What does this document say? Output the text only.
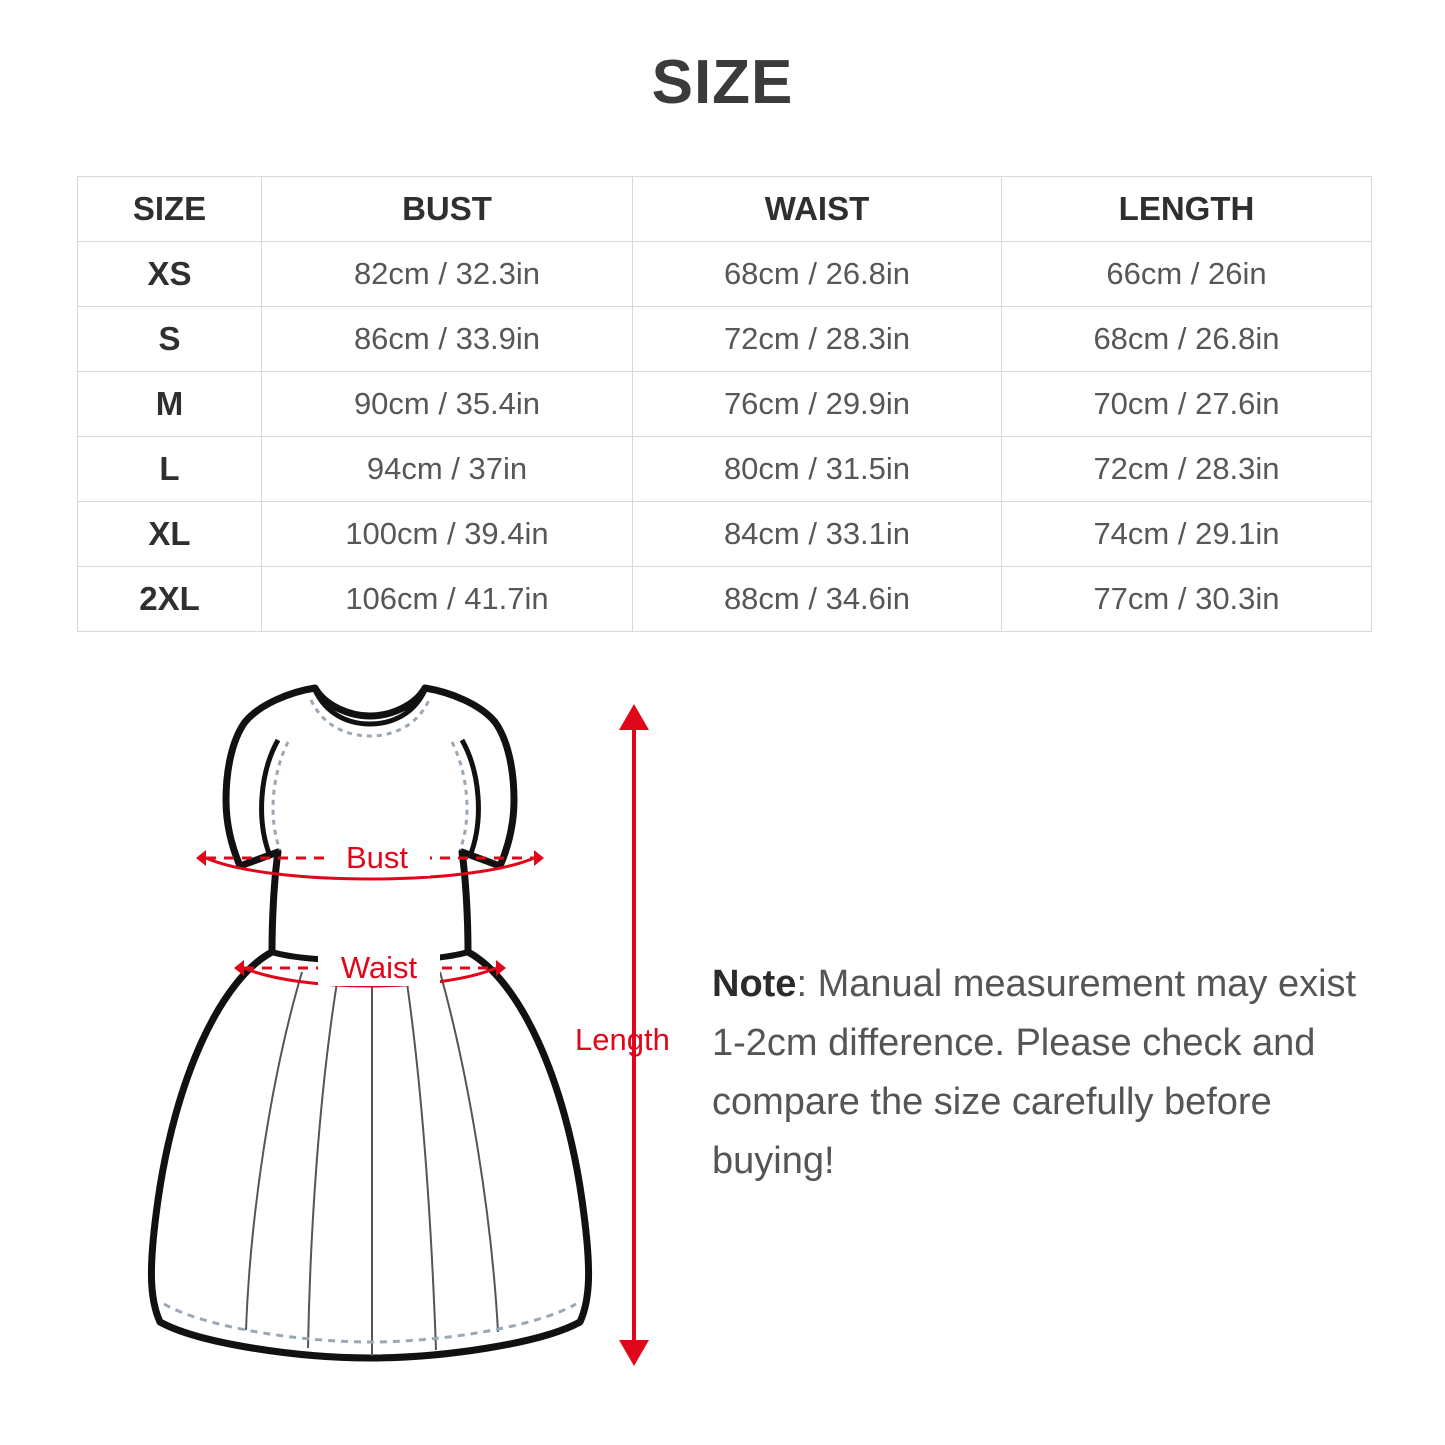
SIZE
SIZE	BUST	WAIST	LENGTH
XS	82cm / 32.3in	68cm / 26.8in	66cm / 26in
S	86cm / 33.9in	72cm / 28.3in	68cm / 26.8in
M	90cm / 35.4in	76cm / 29.9in	70cm / 27.6in
L	94cm / 37in	80cm / 31.5in	72cm / 28.3in
XL	100cm / 39.4in	84cm / 33.1in	74cm / 29.1in
2XL	106cm / 41.7in	88cm / 34.6in	77cm / 30.3in
Bust
Waist
Length
Note: Manual measurement may exist 1-2cm difference. Please check and compare the size carefully before buying!
